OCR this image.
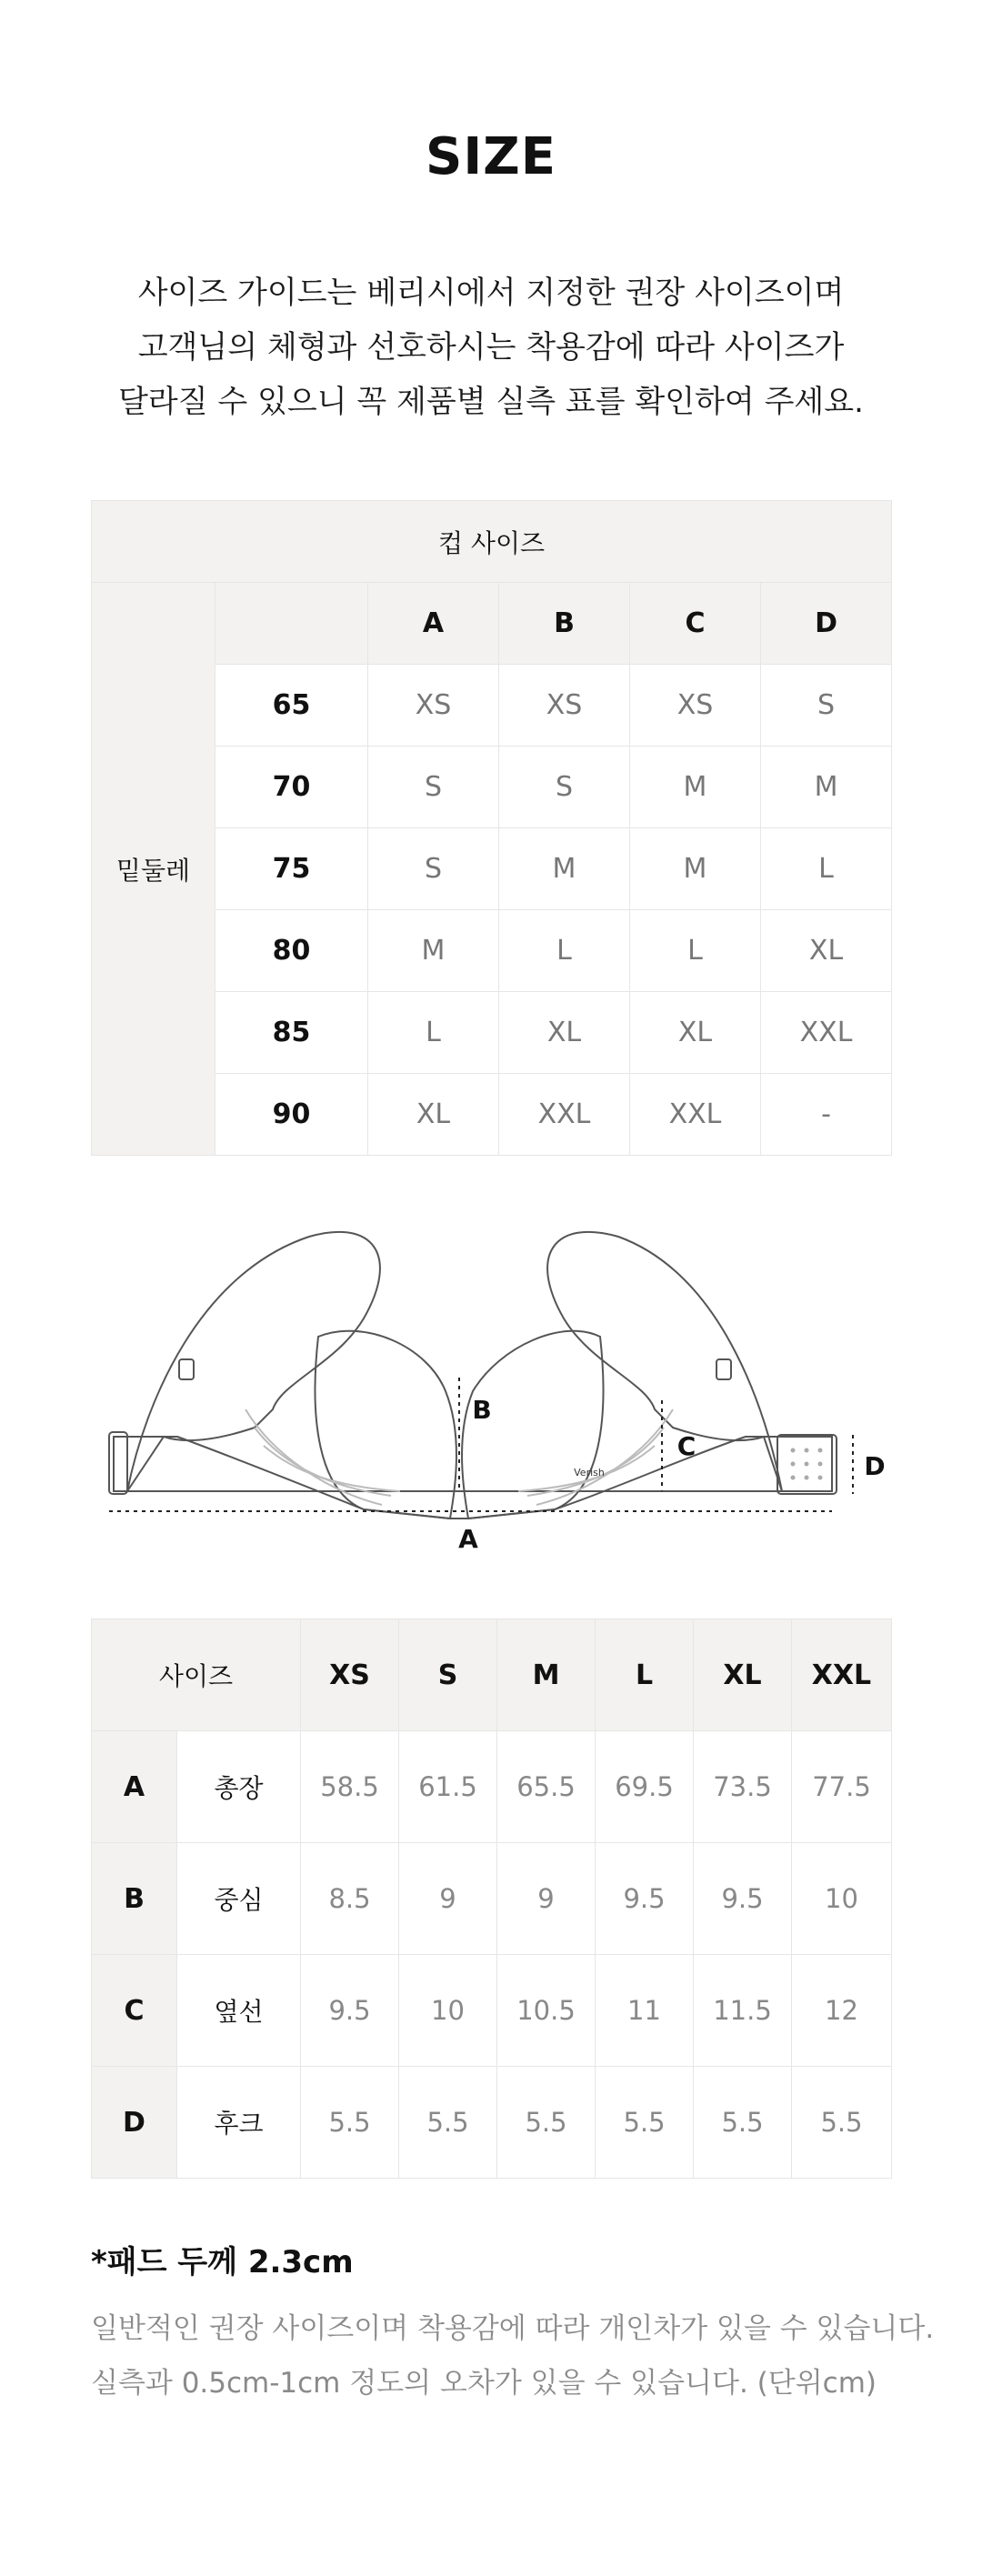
SIZE

사이즈 가이드는 베리시에서 지정한 권장 사이즈이며

고객님의 체형과 선호하시는 착용감에 따라 사이즈가

달라질 수 있으니 꼭 제품별 실측 표를 확인하여 주세요.

컵 사이즈					
밑둘레		A	B	C	D
	65	XS	XS	XS	S
	70	S	S	M	M
	75	S	M	M	L
	80	M	L	L	XL
	85	L	XL	XL	XXL
	90	XL	XXL	XXL	-
A
B
C
D
Verish
사이즈		XS	S	M	L	XL	XXL
A	총장	58.5	61.5	65.5	69.5	73.5	77.5
B	중심	8.5	9	9	9.5	9.5	10
C	옆선	9.5	10	10.5	11	11.5	12
D	후크	5.5	5.5	5.5	5.5	5.5	5.5
*패드 두께 2.3cm
일반적인 권장 사이즈이며 착용감에 따라 개인차가 있을 수 있습니다.
실측과 0.5cm-1cm 정도의 오차가 있을 수 있습니다. (단위cm)
